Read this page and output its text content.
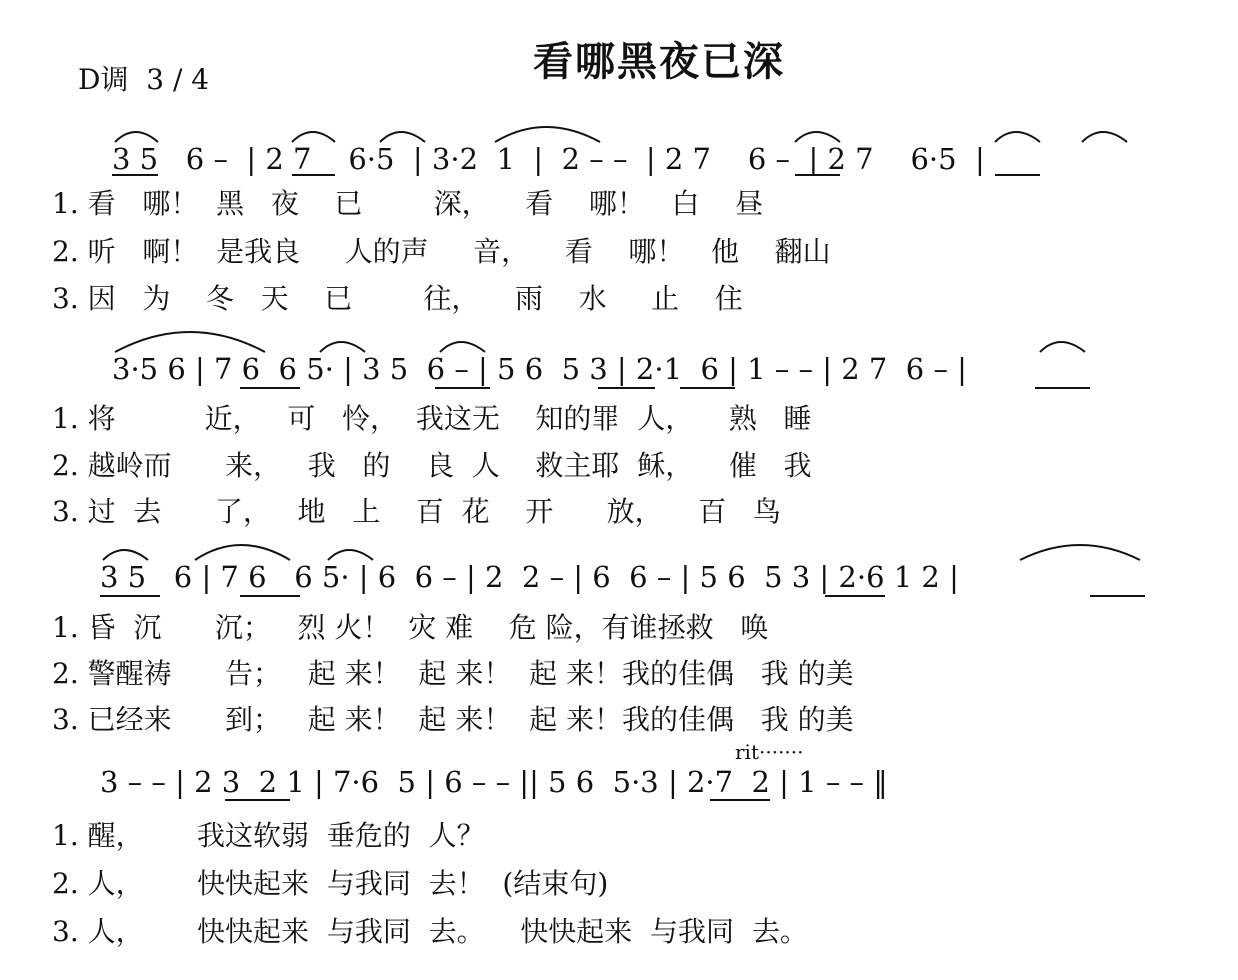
看哪黑夜已深
D调  3 / 4
rit·······
3 5   6 –  | 2 7    6·5  | 3·2  1  |  2 – –  | 2 7    6 –  | 2 7    6·5  |
1. 看   哪！  黑   夜    已        深，    看    哪！   白    昼
2. 听   啊！  是我良     人的声     音，    看    哪！   他    翻山
3. 因   为    冬   天    已        往，    雨    水     止    住
3·5 6 | 7 6  6 5· | 3 5  6 – | 5 6  5 3 | 2·1  6 | 1 – – | 2 7  6 – |
1. 将          近，   可   怜，  我这无    知的罪  人，    熟   睡
2. 越岭而      来，   我   的    良  人    救主耶  稣，    催   我
3. 过  去      了，   地   上    百  花    开      放，    百   鸟
3 5   6 | 7 6   6 5· | 6  6 – | 2  2 – | 6  6 – | 5 6  5 3 | 2·6 1 2 |
1. 昏  沉      沉；   烈 火！  灾 难    危 险，有谁拯救   唤
2. 警醒祷      告；   起 来！  起 来！  起 来！我的佳偶   我 的美
3. 已经来      到；   起 来！  起 来！  起 来！我的佳偶   我 的美
3 – – | 2 3  2 1 | 7·6  5 | 6 – – || 5 6  5·3 | 2·7  2 | 1 – – ‖
1. 醒，      我这软弱  垂危的  人？
2. 人，      快快起来  与我同  去！  (结束句)
3. 人，      快快起来  与我同  去。    快快起来  与我同  去。
